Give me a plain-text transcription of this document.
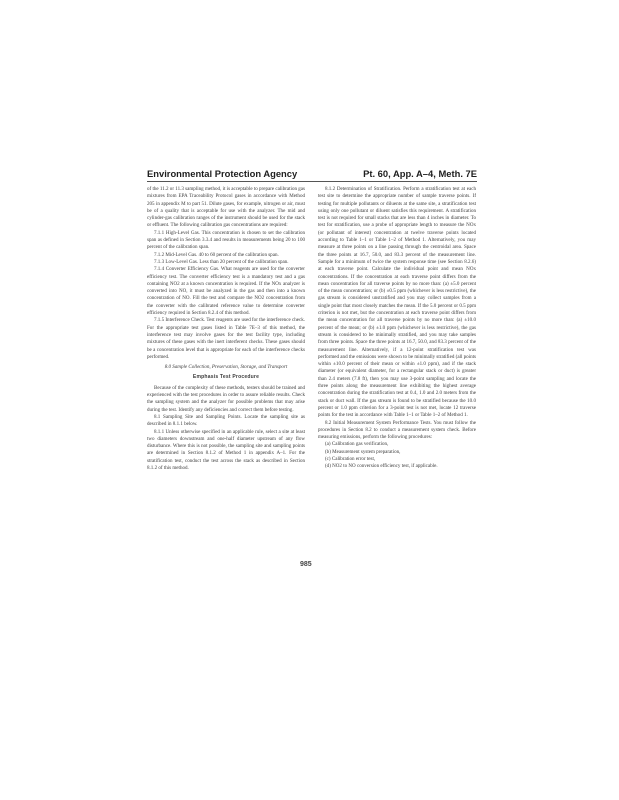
Environmental Protection Agency	Pt. 60, App. A–4, Meth. 7E

of the 11.2 or 11.3 sampling method, it is acceptable to prepare calibration gas mixtures from EPA Traceability Protocol gases in accordance with Method 205 in appendix M to part 51. Dilute gases, for example, nitrogen or air, must be of a quality that is acceptable for use with the analyzer. The mid and cylinder-gas calibration ranges of the instrument should be used for the stack or effluent. The following calibration gas concentrations are required:

7.1.1 High-Level Gas. This concentration is chosen to set the calibration span as defined in Section 3.3.4 and results in measurements being 20 to 100 percent of the calibration span.

7.1.2 Mid-Level Gas. 40 to 60 percent of the calibration span.

7.1.3 Low-Level Gas. Less than 20 percent of the calibration span.

7.1.4 Converter Efficiency Gas. What reagents are used for the converter efficiency test. The converter efficiency test is a mandatory test and a gas containing NO2 at a known concentration is required. If the NOx analyzer is converted into NO, it must be analyzed in the gas and then into a known concentration of NO. Fill the test and compare the NO2 concentration from the converter with the calibrated reference value to determine converter efficiency required in Section 8.2.4 of this method.

7.1.5 Interference Check. Test reagents are used for the interference check. For the appropriate test gases listed in Table 7E–3 of this method, the interference test may involve gases for the test facility type, including mixtures of these gases with the inert interferent checks. These gases should be a concentration level that is appropriate for each of the interference checks performed.

8.0 Sample Collection, Preservation, Storage, and Transport

Emphasis Test Procedure

Because of the complexity of these methods, testers should be trained and experienced with the test procedures in order to assure reliable results. Check the sampling system and the analyzer for possible problems that may arise during the test. Identify any deficiencies and correct them before testing.

8.1 Sampling Site and Sampling Points. Locate the sampling site as described in 8.1.1 below.

8.1.1 Unless otherwise specified in an applicable rule, select a site at least two diameters downstream and one-half diameter upstream of any flow disturbance. Where this is not possible, the sampling site and sampling points are determined in Section 8.1.2 of Method 1 in appendix A–1. For the stratification test, conduct the test across the stack as described in Section 8.1.2 of this method.

8.1.2 Determination of Stratification. Perform a stratification test at each test site to determine the appropriate number of sample traverse points. If testing for multiple pollutants or diluents at the same site, a stratification test using only one pollutant or diluent satisfies this requirement. A stratification test is not required for small stacks that are less than 4 inches in diameter. To test for stratification, use a probe of appropriate length to measure the NOx (or pollutant of interest) concentration at twelve traverse points located according to Table 1–1 or Table 1–2 of Method 1. Alternatively, you may measure at three points on a line passing through the centroidal area. Space the three points at 16.7, 50.0, and 83.3 percent of the measurement line. Sample for a minimum of twice the system response time (see Section 8.2.6) at each traverse point. Calculate the individual point and mean NOx concentrations. If the concentration at each traverse point differs from the mean concentration for all traverse points by no more than: (a) ±5.0 percent of the mean concentration; or (b) ±0.5 ppm (whichever is less restrictive), the gas stream is considered unstratified and you may collect samples from a single point that most closely matches the mean. If the 5.0 percent or 0.5 ppm criterion is not met, but the concentration at each traverse point differs from the mean concentration for all traverse points by no more than: (a) ±10.0 percent of the mean; or (b) ±1.0 ppm (whichever is less restrictive), the gas stream is considered to be minimally stratified, and you may take samples from three points. Space the three points at 16.7, 50.0, and 83.3 percent of the measurement line. Alternatively, if a 12-point stratification test was performed and the emissions were shown to be minimally stratified (all points within ±10.0 percent of their mean or within ±1.0 ppm), and if the stack diameter (or equivalent diameter, for a rectangular stack or duct) is greater than 2.4 meters (7.8 ft), then you may use 3-point sampling and locate the three points along the measurement line exhibiting the highest average concentration during the stratification test at 0.4, 1.0 and 2.0 meters from the stack or duct wall. If the gas stream is found to be stratified because the 10.0 percent or 1.0 ppm criterion for a 3-point test is not met, locate 12 traverse points for the test in accordance with Table 1–1 or Table 1–2 of Method 1.

8.2 Initial Measurement System Performance Tests. You must follow the procedures in Section 8.2 to conduct a measurement system check. Before measuring emissions, perform the following procedures:

(a) Calibration gas verification,

(b) Measurement system preparation,

(c) Calibration error test,

(d) NO2 to NO conversion efficiency test, if applicable.

985
